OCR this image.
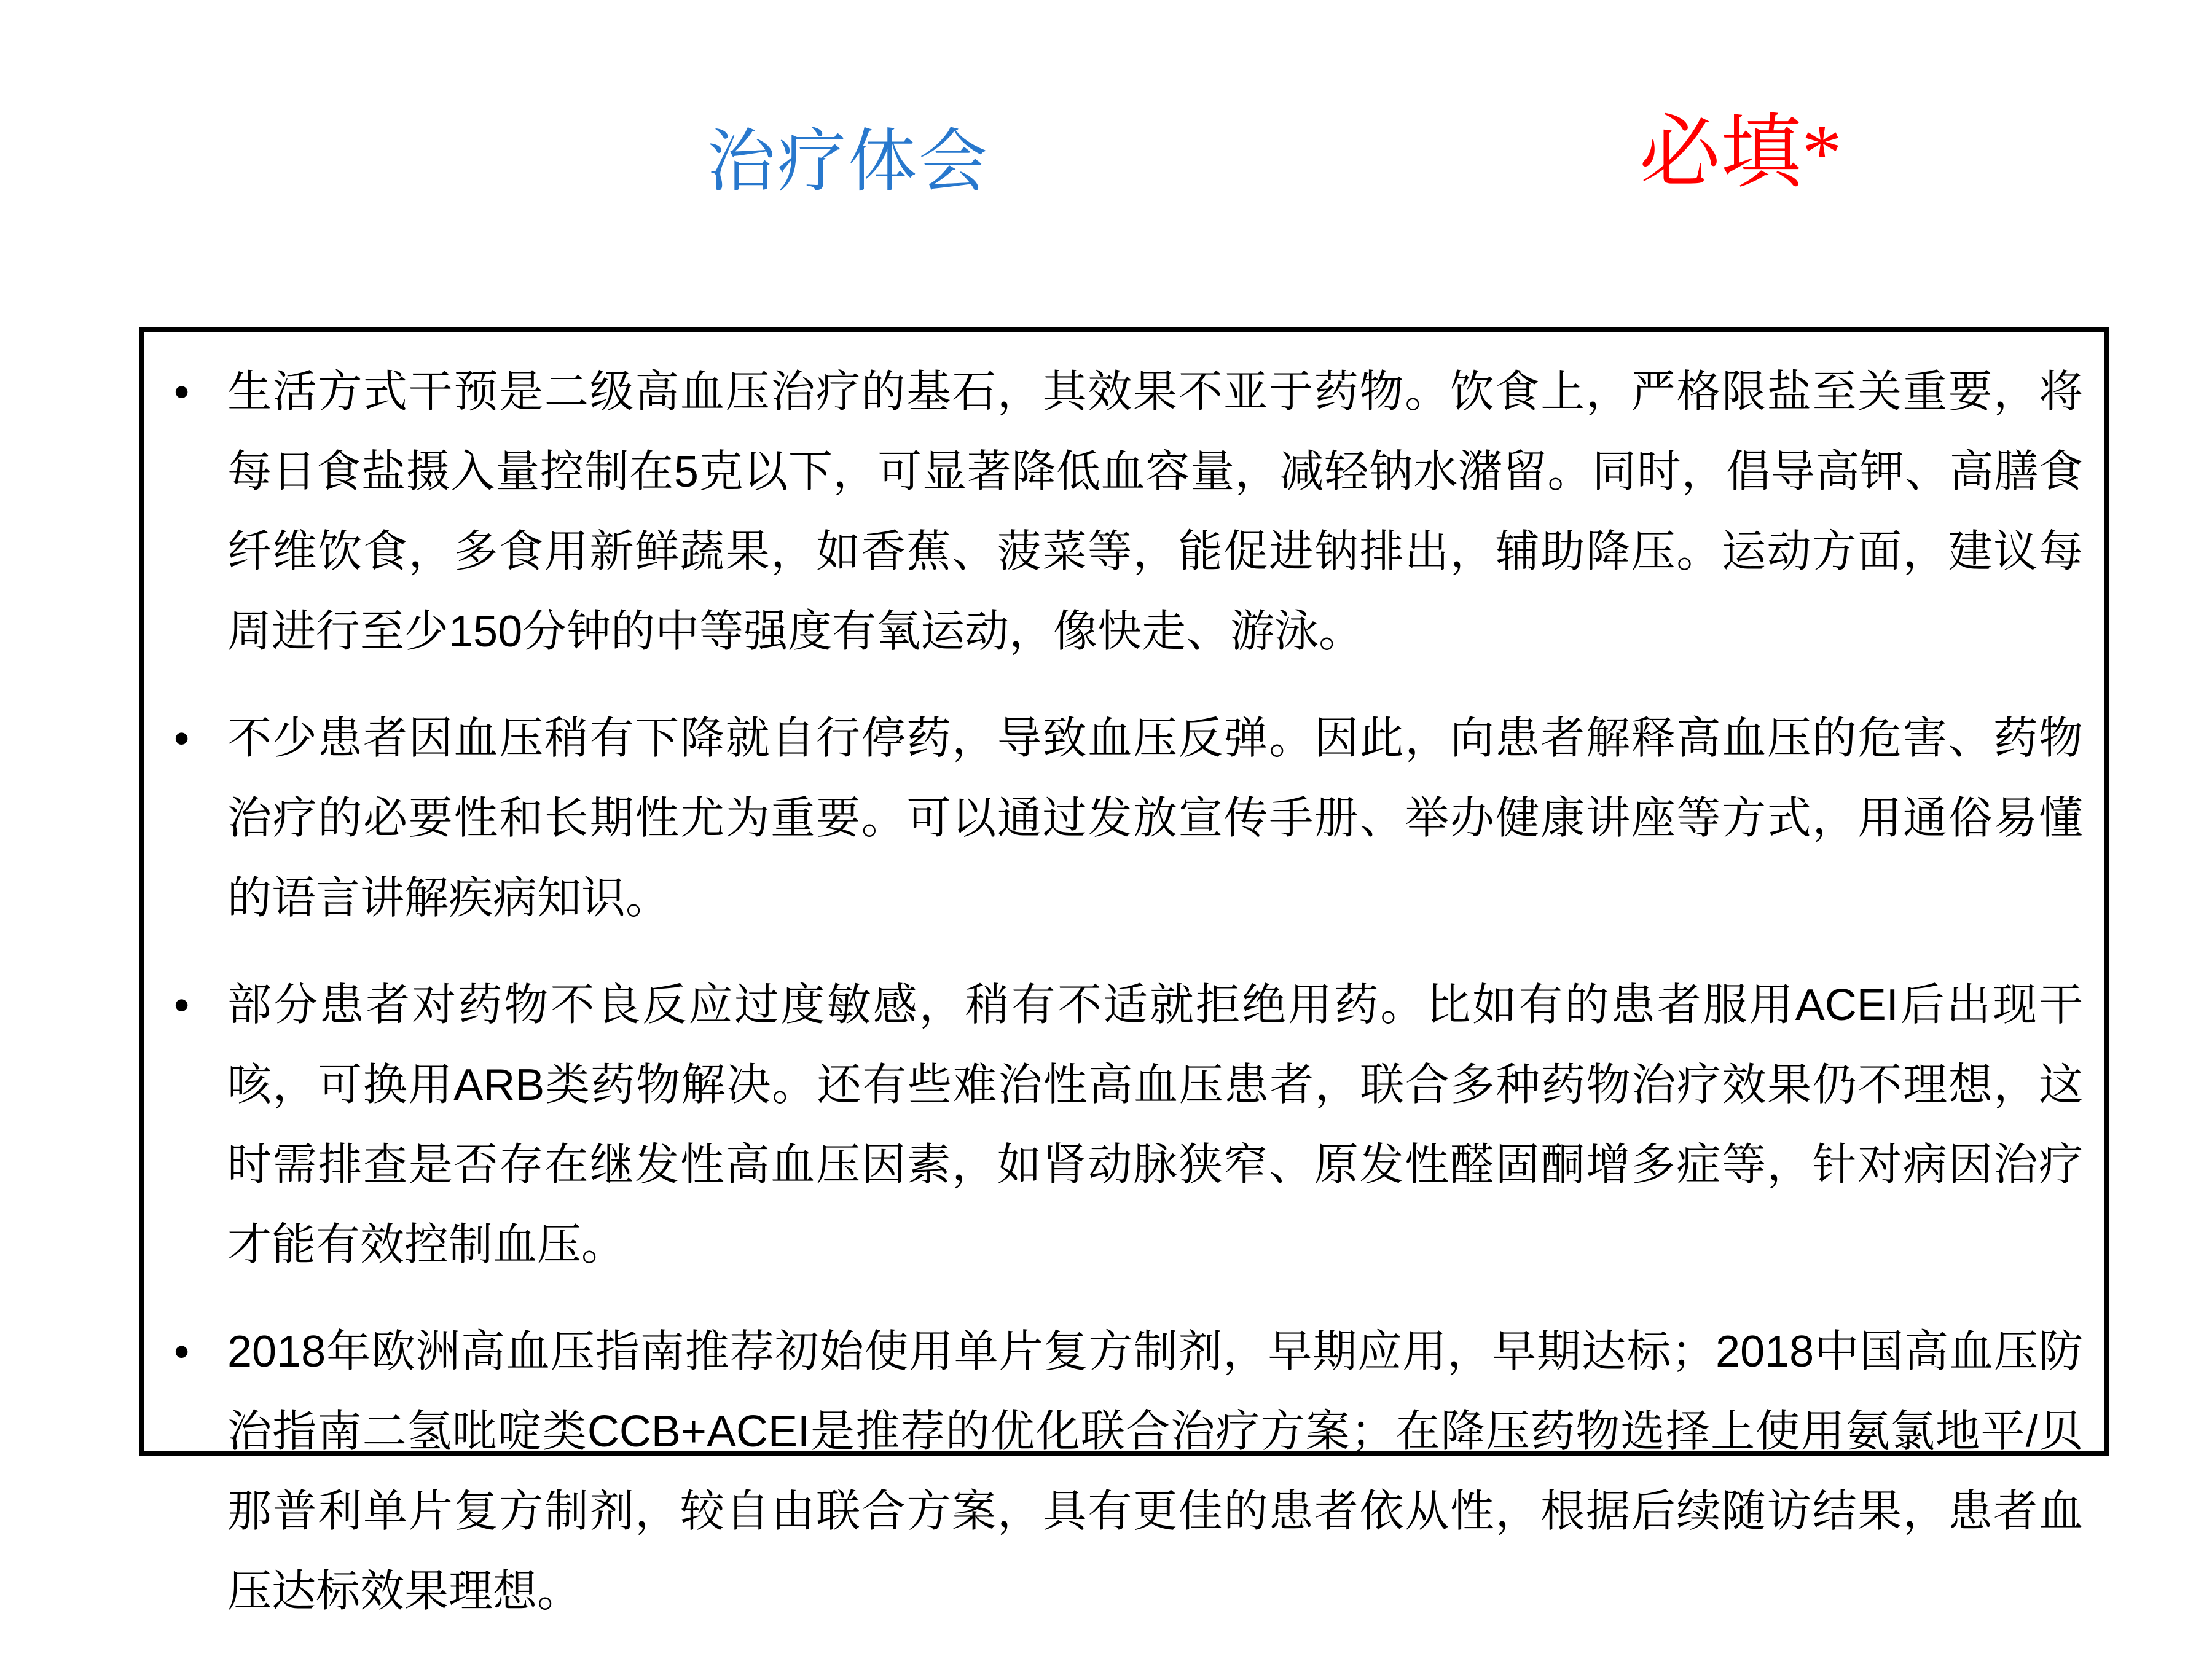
治疗体会	必填*
• 生活方式干预是二级高血压治疗的基石，其效果不亚于药物。饮食上，严格限盐至关重要，将每日食盐摄入量控制在5克以下，可显著降低血容量，减轻钠水潴留。同时，倡导高钾、高膳食纤维饮食，多食用新鲜蔬果，如香蕉、菠菜等，能促进钠排出，辅助降压。运动方面，建议每周进行至少150分钟的中等强度有氧运动，像快走、游泳。
• 不少患者因血压稍有下降就自行停药，导致血压反弹。因此，向患者解释高血压的危害、药物治疗的必要性和长期性尤为重要。可以通过发放宣传手册、举办健康讲座等方式，用通俗易懂的语言讲解疾病知识。
• 部分患者对药物不良反应过度敏感，稍有不适就拒绝用药。比如有的患者服用ACEI后出现干咳，可换用ARB类药物解决。还有些难治性高血压患者，联合多种药物治疗效果仍不理想，这时需排查是否存在继发性高血压因素，如肾动脉狭窄、原发性醛固酮增多症等，针对病因治疗才能有效控制血压。
• 2018年欧洲高血压指南推荐初始使用单片复方制剂，早期应用，早期达标；2018中国高血压防治指南二氢吡啶类CCB+ACEI是推荐的优化联合治疗方案；在降压药物选择上使用氨氯地平/贝那普利单片复方制剂，较自由联合方案，具有更佳的患者依从性，根据后续随访结果，患者血压达标效果理想。
